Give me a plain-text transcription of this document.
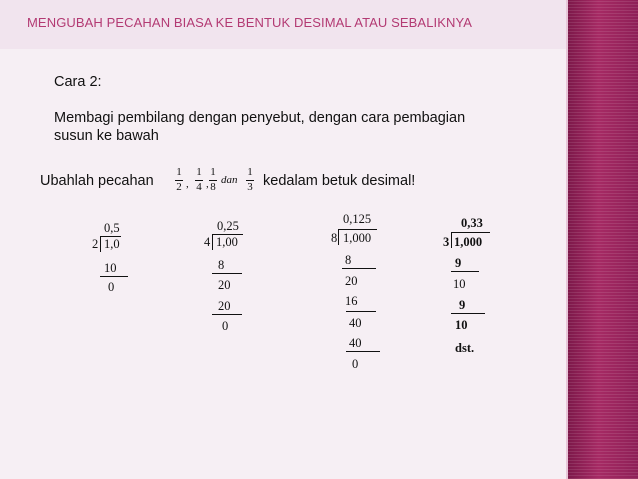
MENGUBAH PECAHAN BIASA KE BENTUK DESIMAL ATAU SEBALIKNYA
Cara 2:
Membagi pembilang dengan penyebut, dengan cara pembagian
susun ke bawah
Ubahlah pecahan
1
2 ,
1
4 ,
1
8
dan
1
3 kedalam betuk desimal!
0,5
2 1,0
10
0
0,25
4 1,00
8
20
20
0
0,125
8 1,000
8
20
16
40
40
0
0,33
3 1,000
9
10
9
10
dst.
